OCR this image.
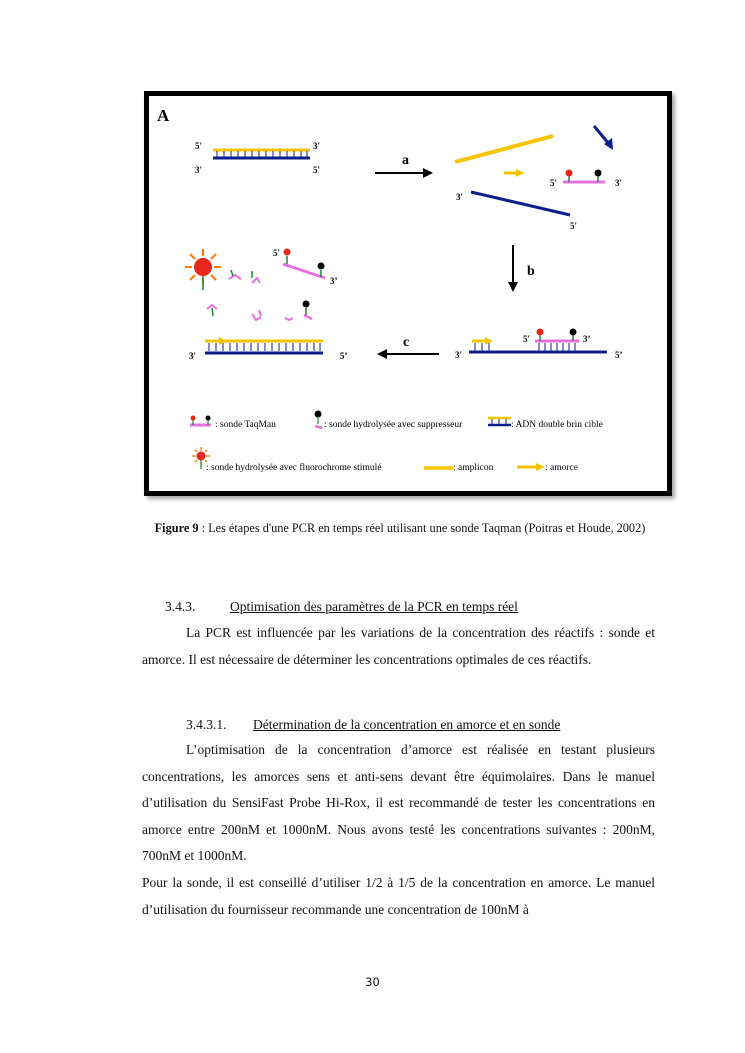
A
5'	3'
3'	5'
a
5'	3'
3'
5'
b
5'	3’
3'	5’
c
3'	5’
5'
3’
: sonde TaqMan	: sonde hydrolysée avec suppresseur	: ADN double brin cible
: sonde hydrolysée avec fluorochrome stimulé	: amplicon	: amorce
Figure 9 : Les étapes d'une PCR en temps réel utilisant une sonde Taqman (Poitras et Houde, 2002)
3.4.3.	Optimisation des paramètres de la PCR en temps réel

La PCR est influencée par les variations de la concentration des réactifs : sonde et amorce. Il est nécessaire de déterminer les concentrations optimales de ces réactifs.

3.4.3.1. Détermination de la concentration en amorce et en sonde

L’optimisation de la concentration d’amorce est réalisée en testant plusieurs concentrations, les amorces sens et anti-sens devant être équimolaires. Dans le manuel d’utilisation du SensiFast Probe Hi-Rox, il est recommandé de tester les concentrations en amorce entre 200nM et 1000nM. Nous avons testé les concentrations suivantes : 200nM, 700nM et 1000nM.

Pour la sonde, il est conseillé d’utiliser 1/2 à 1/5 de la concentration en amorce. Le manuel d’utilisation du fournisseur recommande une concentration de 100nM à

30
